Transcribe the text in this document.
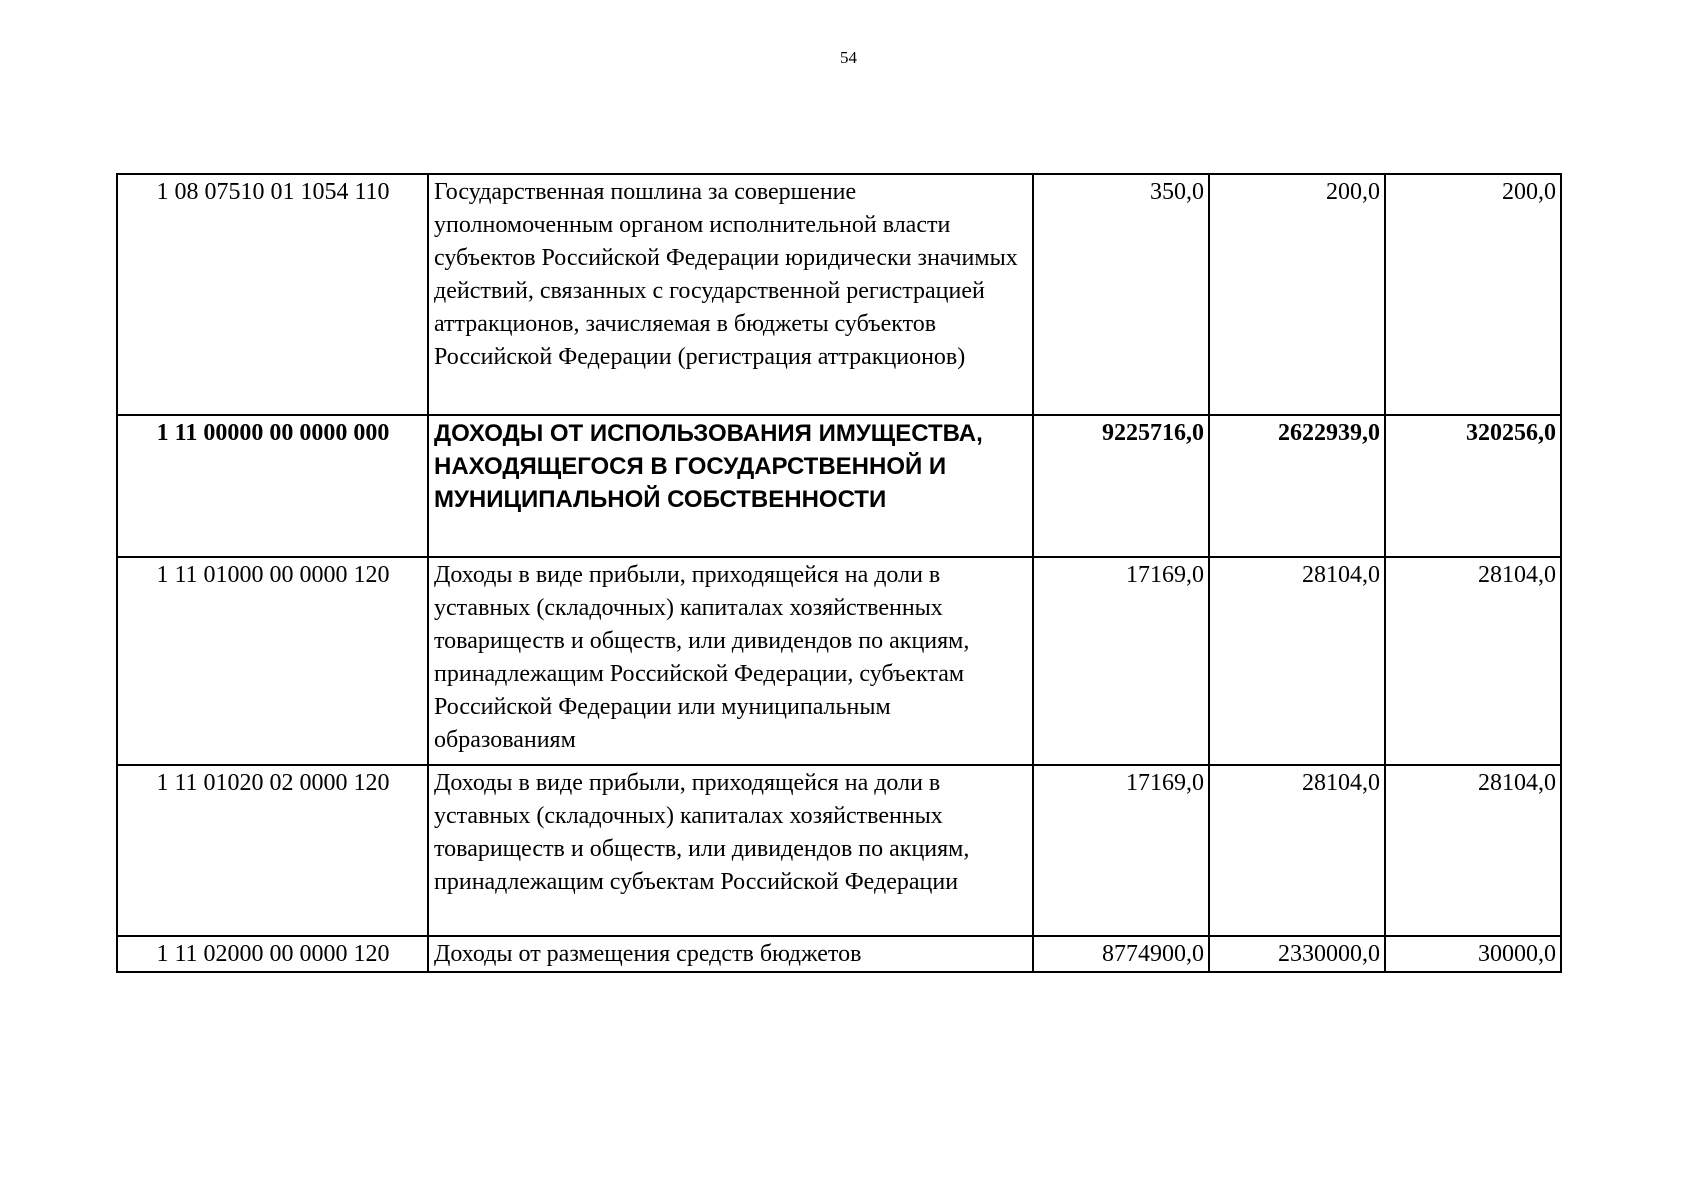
54
1 08 07510 01 1054 110	Государственная пошлина за совершение уполномоченным органом исполнительной власти субъектов Российской Федерации юридически значимых действий, связанных с государственной регистрацией аттракционов, зачисляемая в бюджеты субъектов Российской Федерации (регистрация аттракционов)	350,0	200,0	200,0
1 11 00000 00 0000 000	ДОХОДЫ ОТ ИСПОЛЬЗОВАНИЯ ИМУЩЕСТВА, НАХОДЯЩЕГОСЯ В ГОСУДАРСТВЕННОЙ И МУНИЦИПАЛЬНОЙ СОБСТВЕННОСТИ	9225716,0	2622939,0	320256,0
1 11 01000 00 0000 120	Доходы в виде прибыли, приходящейся на доли в уставных (складочных) капиталах хозяйственных товариществ и обществ, или дивидендов по акциям, принадлежащим Российской Федерации, субъектам Российской Федерации или муниципальным образованиям	17169,0	28104,0	28104,0
1 11 01020 02 0000 120	Доходы в виде прибыли, приходящейся на доли в уставных (складочных) капиталах хозяйственных товариществ и обществ, или дивидендов по акциям, принадлежащим субъектам Российской Федерации	17169,0	28104,0	28104,0
1 11 02000 00 0000 120	Доходы от размещения средств бюджетов	8774900,0	2330000,0	30000,0
